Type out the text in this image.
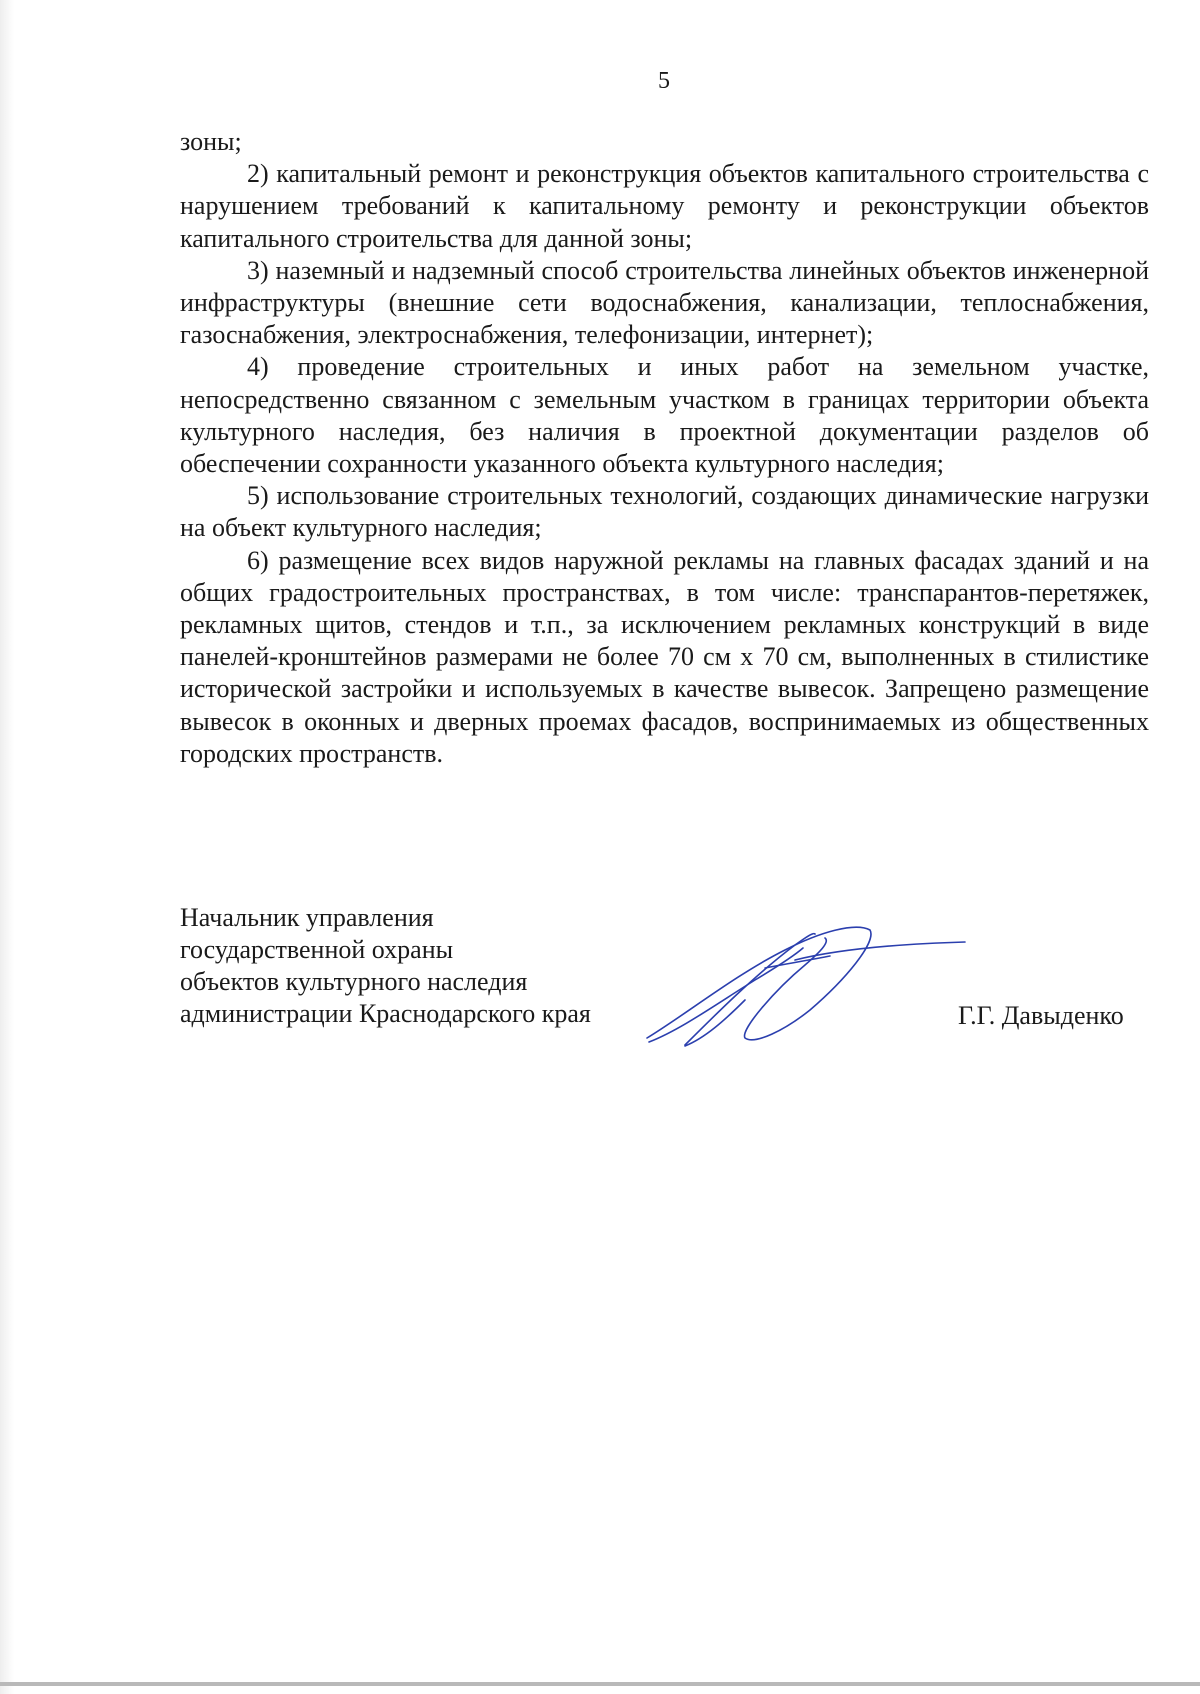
5

зоны;

2) капитальный ремонт и реконструкция объектов капитального строительства с нарушением требований к капитальному ремонту и реконструкции объектов капитального строительства для данной зоны;

3) наземный и надземный способ строительства линейных объектов инженерной инфраструктуры (внешние сети водоснабжения, канализации, теплоснабжения, газоснабжения, электроснабжения, телефонизации, интернет);

4) проведение строительных и иных работ на земельном участке, непосредственно связанном с земельным участком в границах территории объекта культурного наследия, без наличия в проектной документации разделов об обеспечении сохранности указанного объекта культурного наследия;

5) использование строительных технологий, создающих динамические нагрузки на объект культурного наследия;

6) размещение всех видов наружной рекламы на главных фасадах зданий и на общих градостроительных пространствах, в том числе: транспарантов-перетяжек, рекламных щитов, стендов и т.п., за исключением рекламных конструкций в виде панелей-кронштейнов размерами не более 70 см х 70 см, выполненных в стилистике исторической застройки и используемых в качестве вывесок. Запрещено размещение вывесок в оконных и дверных проемах фасадов, воспринимаемых из общественных городских пространств.

Начальник управления
государственной охраны
объектов культурного наследия
администрации Краснодарского края	Г.Г. Давыденко
